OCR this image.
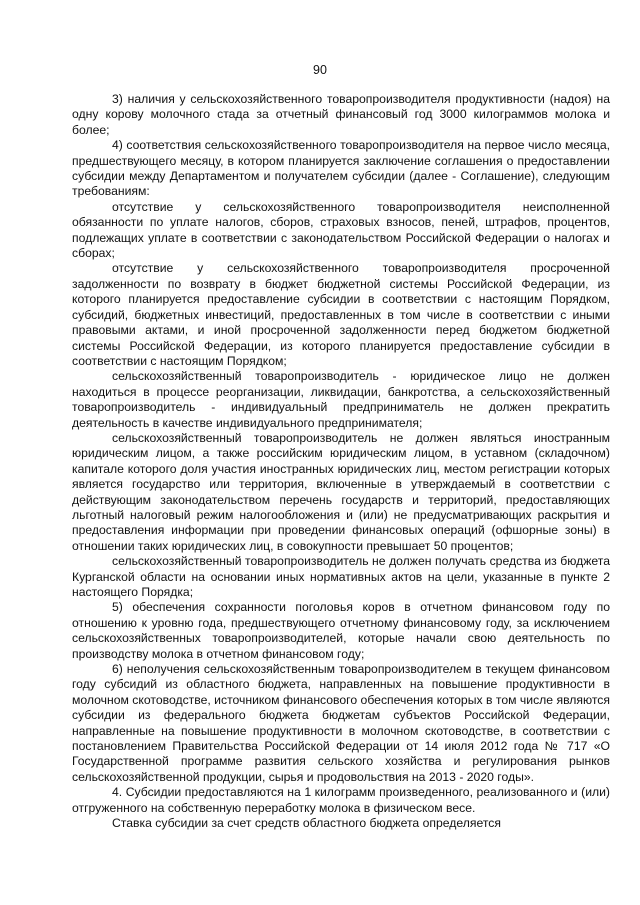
90

3) наличия у сельскохозяйственного товаропроизводителя продуктивности (надоя) на одну корову молочного стада за отчетный финансовый год 3000 килограммов молока и более;

4) соответствия сельскохозяйственного товаропроизводителя на первое число месяца, предшествующего месяцу, в котором планируется заключение соглашения о предоставлении субсидии между Департаментом и получателем субсидии (далее - Соглашение), следующим требованиям:

отсутствие у сельскохозяйственного товаропроизводителя неисполненной обязанности по уплате налогов, сборов, страховых взносов, пеней, штрафов, процентов, подлежащих уплате в соответствии с законодательством Российской Федерации о налогах и сборах;

отсутствие у сельскохозяйственного товаропроизводителя просроченной задолженности по возврату в бюджет бюджетной системы Российской Федерации, из которого планируется предоставление субсидии в соответствии с настоящим Порядком, субсидий, бюджетных инвестиций, предоставленных в том числе в соответствии с иными правовыми актами, и иной просроченной задолженности перед бюджетом бюджетной системы Российской Федерации, из которого планируется предоставление субсидии в соответствии с настоящим Порядком;

сельскохозяйственный товаропроизводитель - юридическое лицо не должен находиться в процессе реорганизации, ликвидации, банкротства, а сельскохозяйственный товаропроизводитель - индивидуальный предприниматель не должен прекратить деятельность в качестве индивидуального предпринимателя;

сельскохозяйственный товаропроизводитель не должен являться иностранным юридическим лицом, а также российским юридическим лицом, в уставном (складочном) капитале которого доля участия иностранных юридических лиц, местом регистрации которых является государство или территория, включенные в утверждаемый в соответствии с действующим законодательством перечень государств и территорий, предоставляющих льготный налоговый режим налогообложения и (или) не предусматривающих раскрытия и предоставления информации при проведении финансовых операций (офшорные зоны) в отношении таких юридических лиц, в совокупности превышает 50 процентов;

сельскохозяйственный товаропроизводитель не должен получать средства из бюджета Курганской области на основании иных нормативных актов на цели, указанные в пункте 2 настоящего Порядка;

5) обеспечения сохранности поголовья коров в отчетном финансовом году по отношению к уровню года, предшествующего отчетному финансовому году, за исключением сельскохозяйственных товаропроизводителей, которые начали свою деятельность по производству молока в отчетном финансовом году;

6) неполучения сельскохозяйственным товаропроизводителем в текущем финансовом году субсидий из областного бюджета, направленных на повышение продуктивности в молочном скотоводстве, источником финансового обеспечения которых в том числе являются субсидии из федерального бюджета бюджетам субъектов Российской Федерации, направленные на повышение продуктивности в молочном скотоводстве, в соответствии с постановлением Правительства Российской Федерации от 14 июля 2012 года № 717 «О Государственной программе развития сельского хозяйства и регулирования рынков сельскохозяйственной продукции, сырья и продовольствия на 2013 - 2020 годы».

4. Субсидии предоставляются на 1 килограмм произведенного, реализованного и (или) отгруженного на собственную переработку молока в физическом весе.

Ставка субсидии за счет средств областного бюджета определяется
